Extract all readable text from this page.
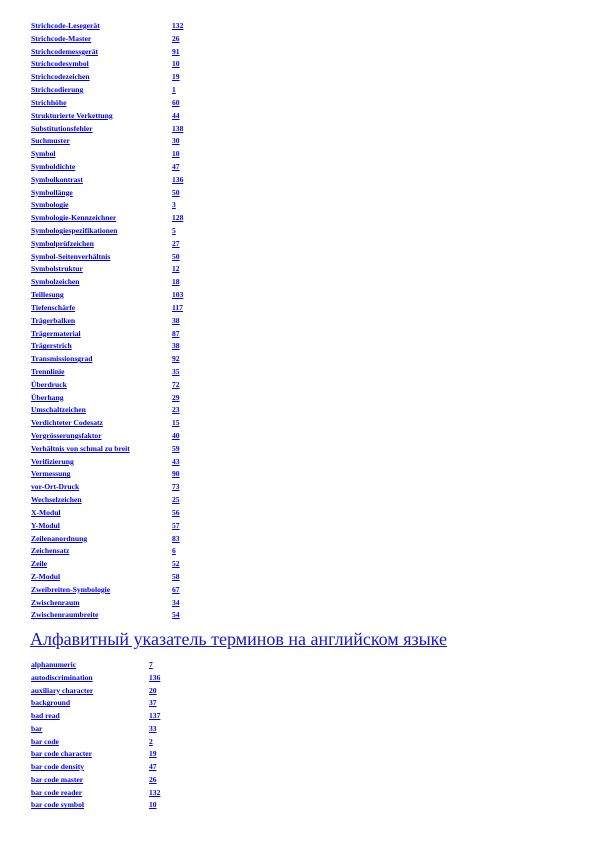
Strichcode-Lesegerät	132
Strichcode-Master	26
Strichcodemessgerät	91
Strichcodesymbol	10
Strichcodezeichen	19
Strichcodierung	1
Strichhöhe	60
Strukturierte Verkettung	44
Substitutionsfehler	138
Suchmuster	30
Symbol	10
Symboldichte	47
Symbolkontrast	136
Symbollänge	50
Symbologie	3
Symbologie-Kennzeichner	128
Symbologiespezifikationen	5
Symbolprüfzeichen	27
Symbol-Seitenverhältnis	50
Symbolstruktur	12
Symbolzeichen	18
Teillesung	103
Tiefenschärfe	117
Trägerbalken	38
Trägermaterial	87
Trägerstrich	38
Transmissionsgrad	92
Trennlinie	35
Überdruck	72
Überhang	29
Umschaltzeichen	23
Verdichteter Codesatz	15
Vergrösserungsfaktor	40
Verhältnis von schmal zu breit	59
Verifizierung	43
Vermessung	90
vor-Ort-Druck	73
Wechselzeichen	25
X-Modul	56
Y-Modul	57
Zeilenanordnung	83
Zeichensatz	6
Zeile	52
Z-Modul	58
Zweibreiten-Symbologie	67
Zwischenraum	34
Zwischenraumbreite	54
Алфавитный указатель терминов на английском языке
alphanumeric	7
autodiscrimination	136
auxiliary character	20
background	37
bad read	137
bar	33
bar code	2
bar code character	19
bar code density	47
bar code master	26
bar code reader	132
bar code symbol	10
